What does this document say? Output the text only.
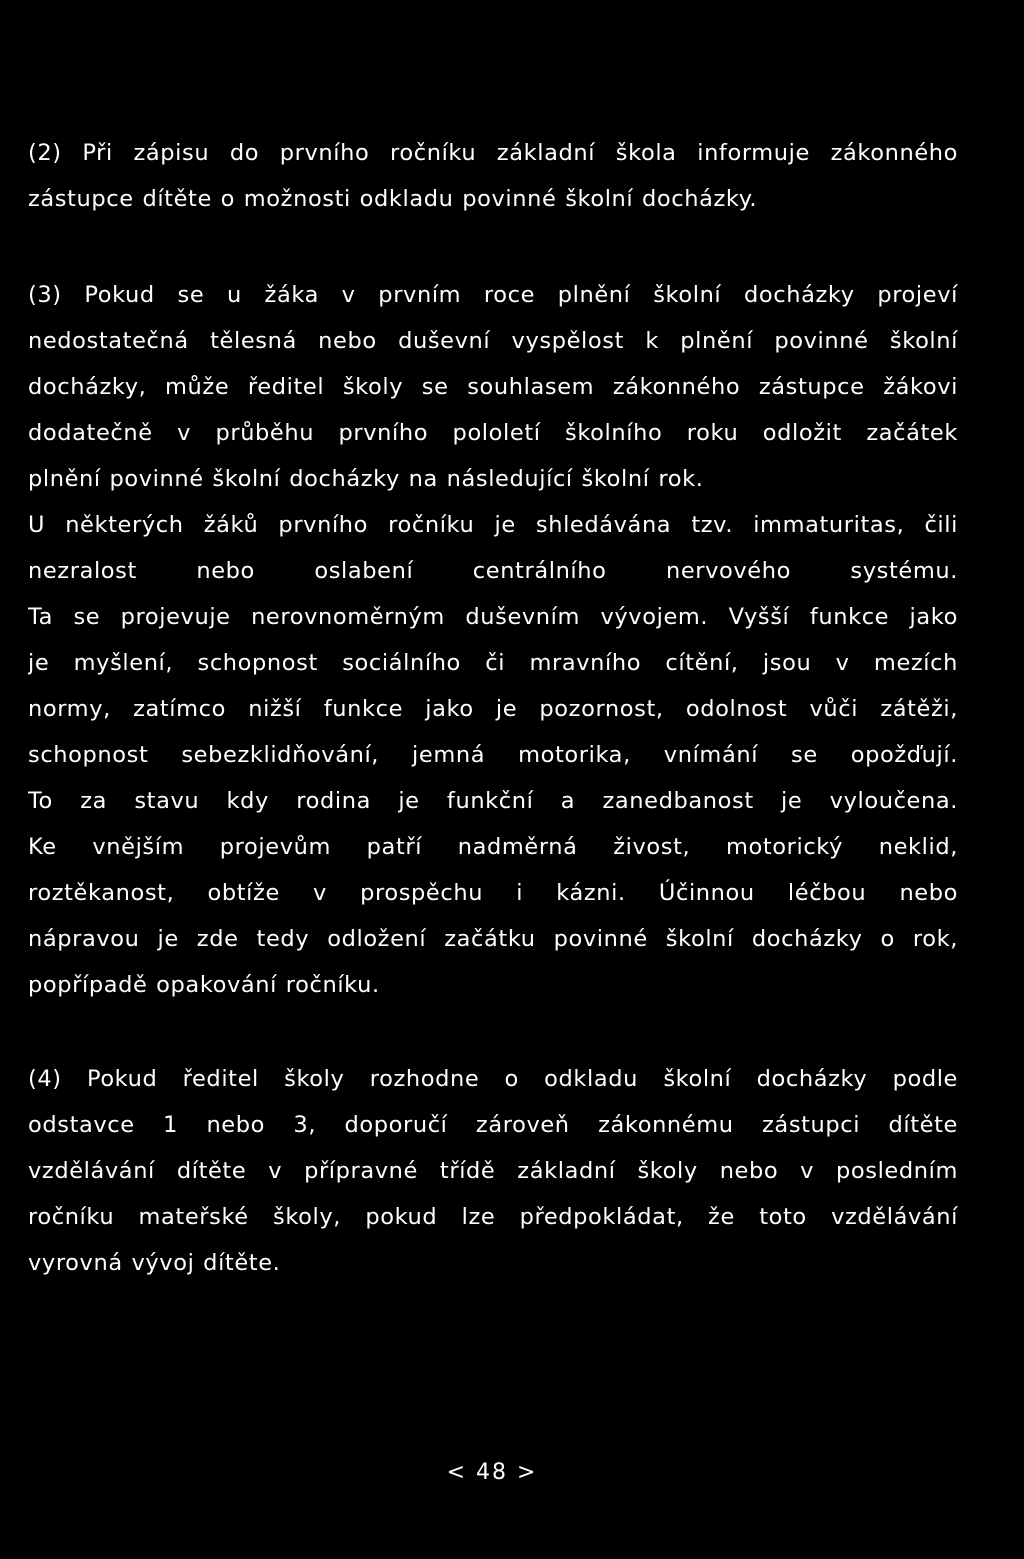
(2) Při zápisu do prvního ročníku základní škola informuje zákonného
zástupce dítěte o možnosti odkladu povinné školní docházky.
(3) Pokud se u žáka v prvním roce plnění školní docházky projeví
nedostatečná tělesná nebo duševní vyspělost k plnění povinné školní
docházky, může ředitel školy se souhlasem zákonného zástupce žákovi
dodatečně v průběhu prvního pololetí školního roku odložit začátek
plnění povinné školní docházky na následující školní rok.
U některých žáků prvního ročníku je shledávána tzv. immaturitas, čili
nezralost nebo oslabení centrálního nervového systému.
Ta se projevuje nerovnoměrným duševním vývojem. Vyšší funkce jako
je myšlení, schopnost sociálního či mravního cítění, jsou v mezích
normy, zatímco nižší funkce jako je pozornost, odolnost vůči zátěži,
schopnost sebezklidňování, jemná motorika, vnímání se opožďují.
To za stavu kdy rodina je funkční a zanedbanost je vyloučena.
Ke vnějším projevům patří nadměrná živost, motorický neklid,
roztěkanost, obtíže v prospěchu i kázni. Účinnou léčbou nebo
nápravou je zde tedy odložení začátku povinné školní docházky o rok,
popřípadě opakování ročníku.
(4) Pokud ředitel školy rozhodne o odkladu školní docházky podle
odstavce 1 nebo 3, doporučí zároveň zákonnému zástupci dítěte
vzdělávání dítěte v přípravné třídě základní školy nebo v posledním
ročníku mateřské školy, pokud lze předpokládat, že toto vzdělávání
vyrovná vývoj dítěte.
< 48 >
